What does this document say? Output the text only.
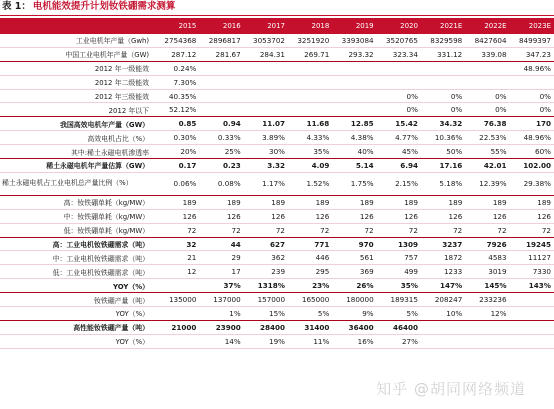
表 1： 电机能效提升计划钕铁硼需求测算
	2015	2016	2017	2018	2019	2020	2021E	2022E	2023E
工业电机年产量（Gwh)	2754368	2896817	3053702	3251920	3393084	3520765	8329598	8427604	8499397
中国工业电机年产量（GW)	287.12	281.67	284.31	269.71	293.32	323.34	331.12	339.08	347.23
2012 年一级能效	0.24%								48.96%
2012 年二级能效	7.30%								
2012 年三级能效	40.35%					0%	0%	0%	0%
2012 年以下	52.12%					0%	0%	0%	0%
我国高效电机年产量（GW）	0.85	0.94	11.07	11.68	12.85	15.42	34.32	76.38	170
高效电机占比（%）	0.30%	0.33%	3.89%	4.33%	4.38%	4.77%	10.36%	22.53%	48.96%
其中:稀土永磁电机渗透率	20%	25%	30%	35%	40%	45%	50%	55%	60%
稀土永磁电机年产量估算（GW）	0.17	0.23	3.32	4.09	5.14	6.94	17.16	42.01	102.00
稀土永磁电机占工业电机总产量比例（%）	0.06%	0.08%	1.17%	1.52%	1.75%	2.15%	5.18%	12.39%	29.38%
高：钕铁硼单耗（kg/MW）	189	189	189	189	189	189	189	189	189
中：钕铁硼单耗（kg/MW）	126	126	126	126	126	126	126	126	126
低：钕铁硼单耗（kg/MW）	72	72	72	72	72	72	72	72	72
高：工业电机钕铁硼需求（吨）	32	44	627	771	970	1309	3237	7926	19245
中：工业电机钕铁硼需求（吨）	21	29	362	446	561	757	1872	4583	11127
低：工业电机钕铁硼需求（吨）	12	17	239	295	369	499	1233	3019	7330
YOY（%）		37%	1318%	23%	26%	35%	147%	145%	143%
钕铁硼产量（吨）	135000	137000	157000	165000	180000	189315	208247	233236	
YOY（%）		1%	15%	5%	9%	5%	10%	12%	
高性能钕铁硼产量（吨）	21000	23900	28400	31400	36400	46400			
YOY（%）		14%	19%	11%	16%	27%			
知乎 @胡同网络频道
